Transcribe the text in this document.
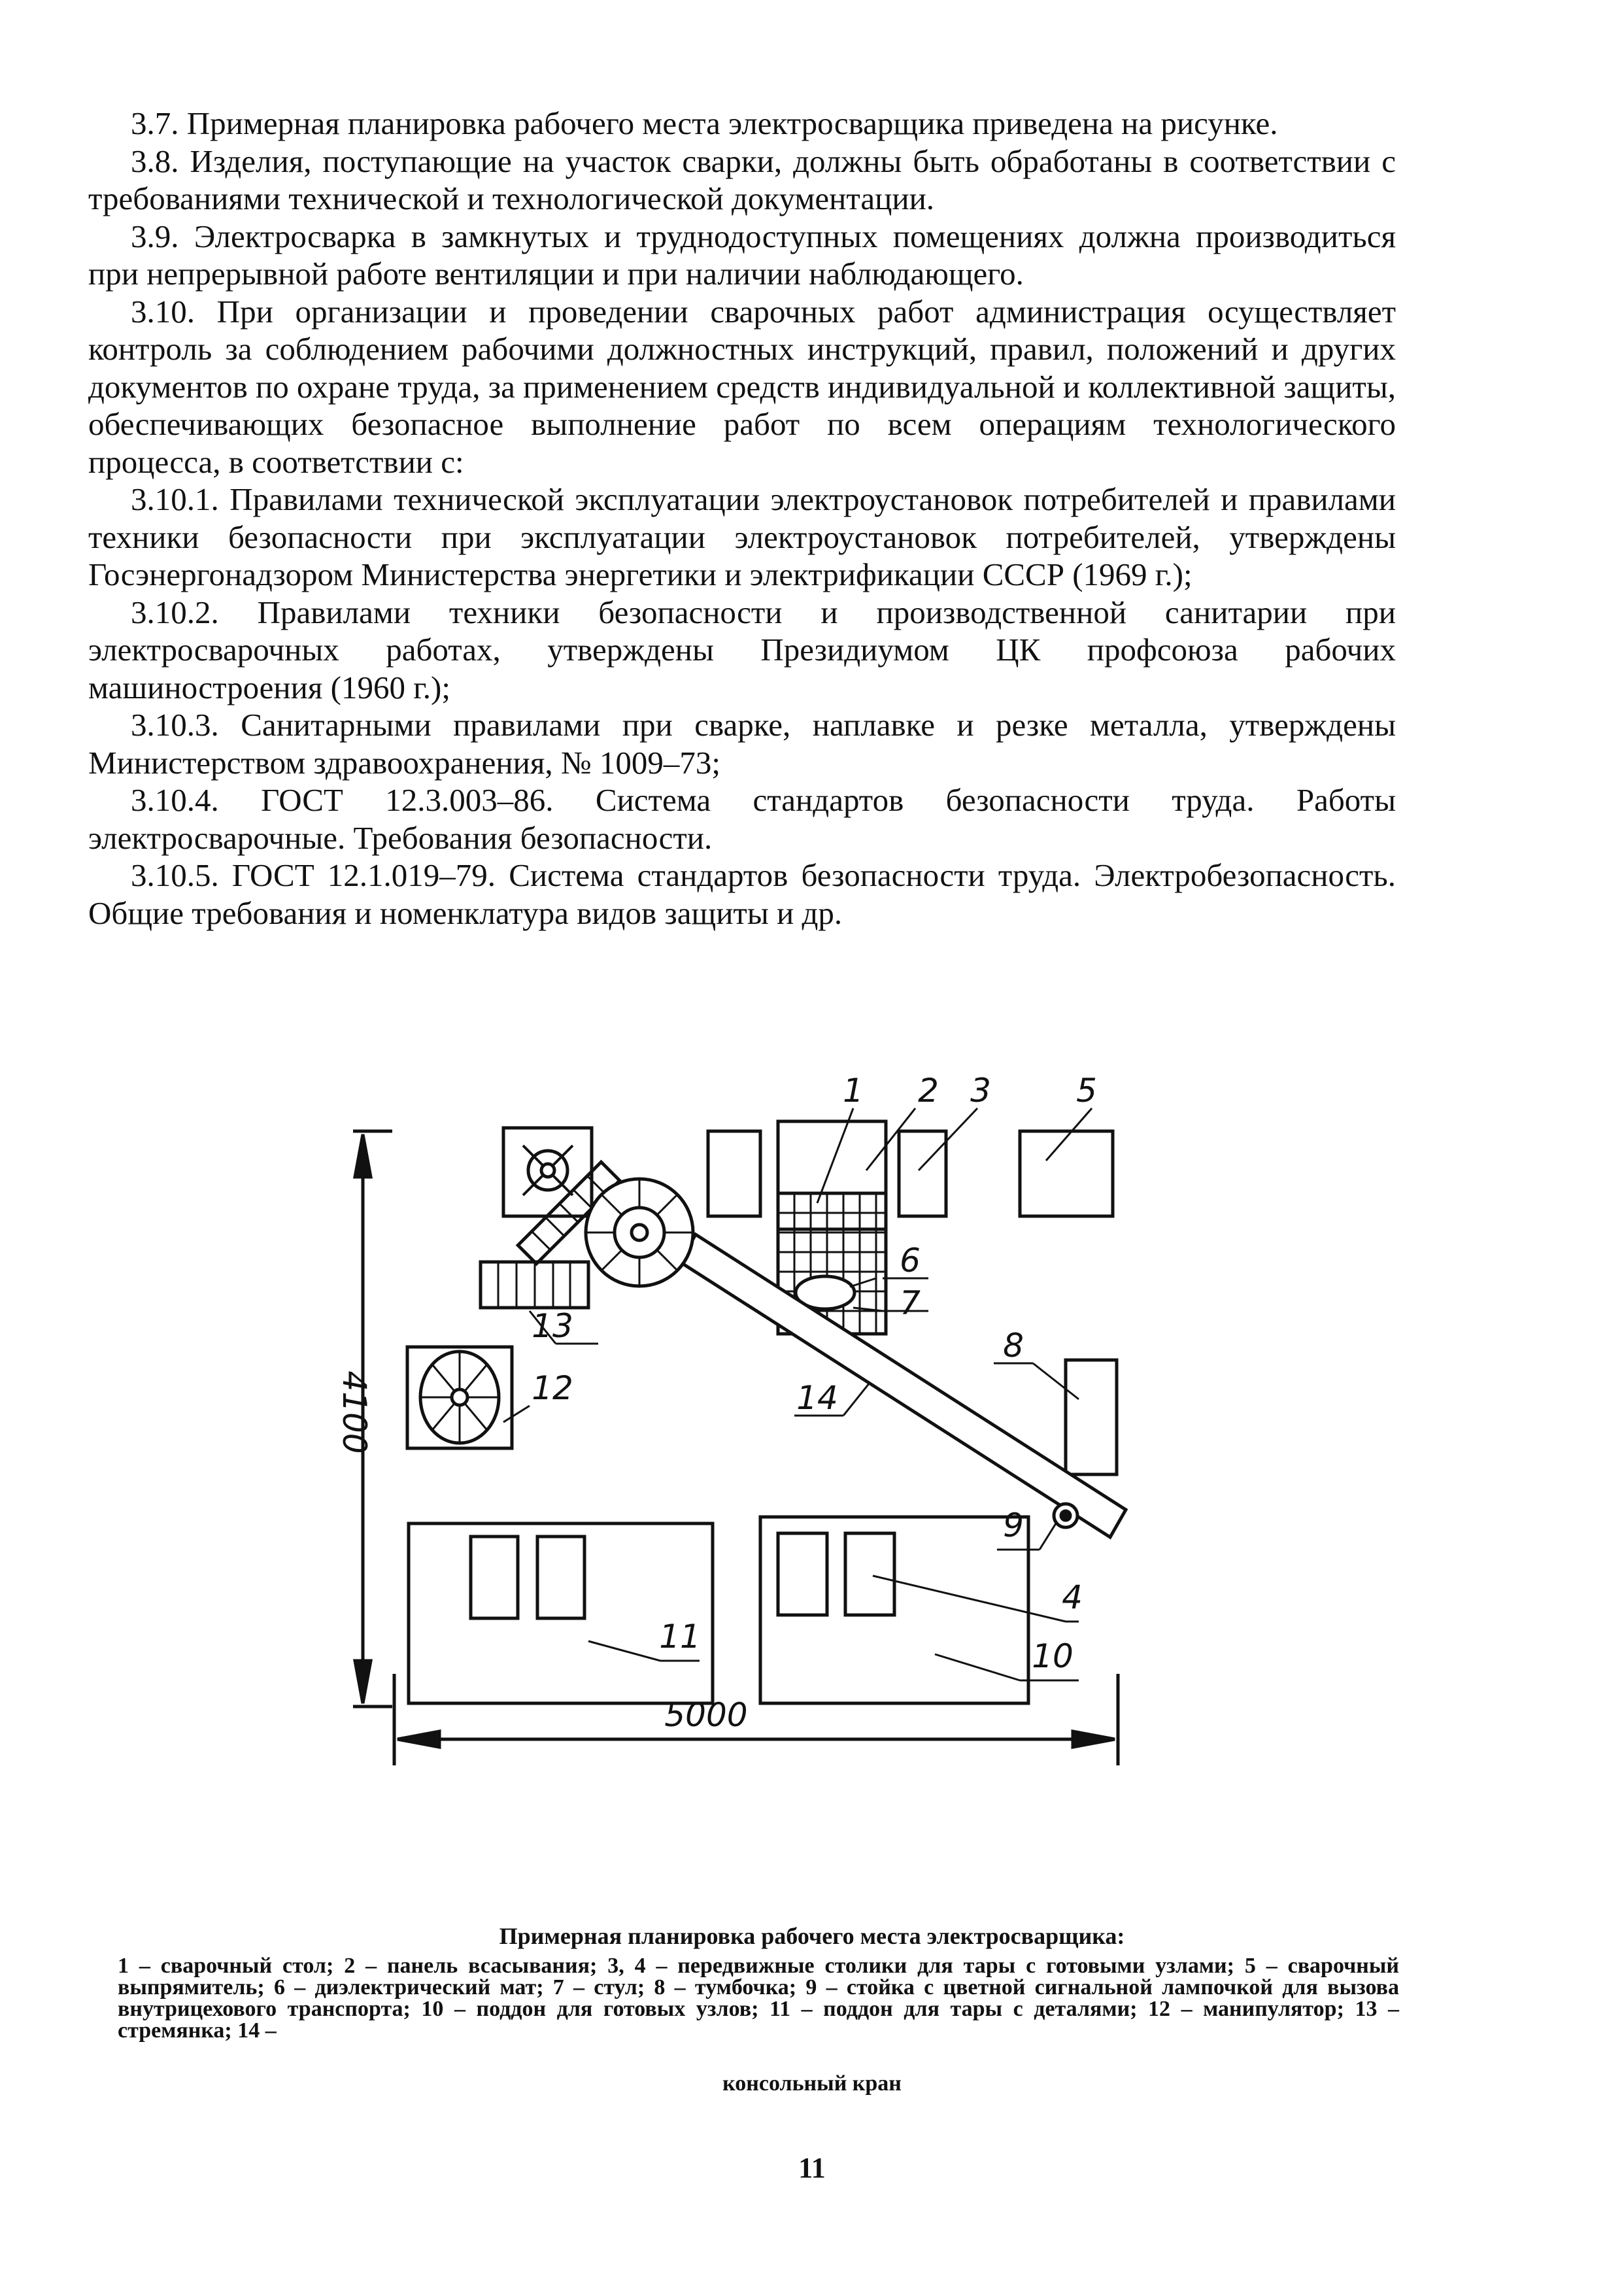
3.7. Примерная планировка рабочего места электросварщика приведена на рисунке.

3.8. Изделия, поступающие на участок сварки, должны быть обработаны в соответствии с требованиями технической и технологической документации.

3.9. Электросварка в замкнутых и труднодоступных помещениях должна производиться при непрерывной работе вентиляции и при наличии наблюдающего.

3.10. При организации и проведении сварочных работ администрация осуществляет контроль за соблюдением рабочими должностных инструкций, правил, положений и других документов по охране труда, за применением средств индивидуальной и коллективной защиты, обеспечивающих безопасное выполнение работ по всем операциям технологического процесса, в соответствии с:

3.10.1. Правилами технической эксплуатации электроустановок потребителей и правилами техники безопасности при эксплуатации электроустановок потребителей, утверждены Госэнергонадзором Министерства энергетики и электрификации СССР (1969 г.);

3.10.2. Правилами техники безопасности и производственной санитарии при электросварочных работах, утверждены Президиумом ЦК профсоюза рабочих машиностроения (1960 г.);

3.10.3. Санитарными правилами при сварке, наплавке и резке металла, утверждены Министерством здравоохранения, № 1009–73;

3.10.4. ГОСТ 12.3.003–86. Система стандартов безопасности труда. Работы электросварочные. Требования безопасности.

3.10.5. ГОСТ 12.1.019–79. Система стандартов безопасности труда. Электробезопасность. Общие требования и номенклатура видов защиты и др.

4100
5000
1 2 3	5
6
7
8
13
14
12
9
4
11
10
Примерная планировка рабочего места электросварщика:
1 – сварочный стол; 2 – панель всасывания; 3, 4 – передвижные столики для тары с готовыми узлами; 5 – сварочный выпрямитель; 6 – диэлектрический мат; 7 – стул; 8 – тумбочка; 9 – стойка с цветной сигнальной лампочкой для вызова внутрицехового транспорта; 10 – поддон для готовых узлов; 11 – поддон для тары с деталями; 12 – манипулятор; 13 – стремянка; 14 –
консольный кран
11
